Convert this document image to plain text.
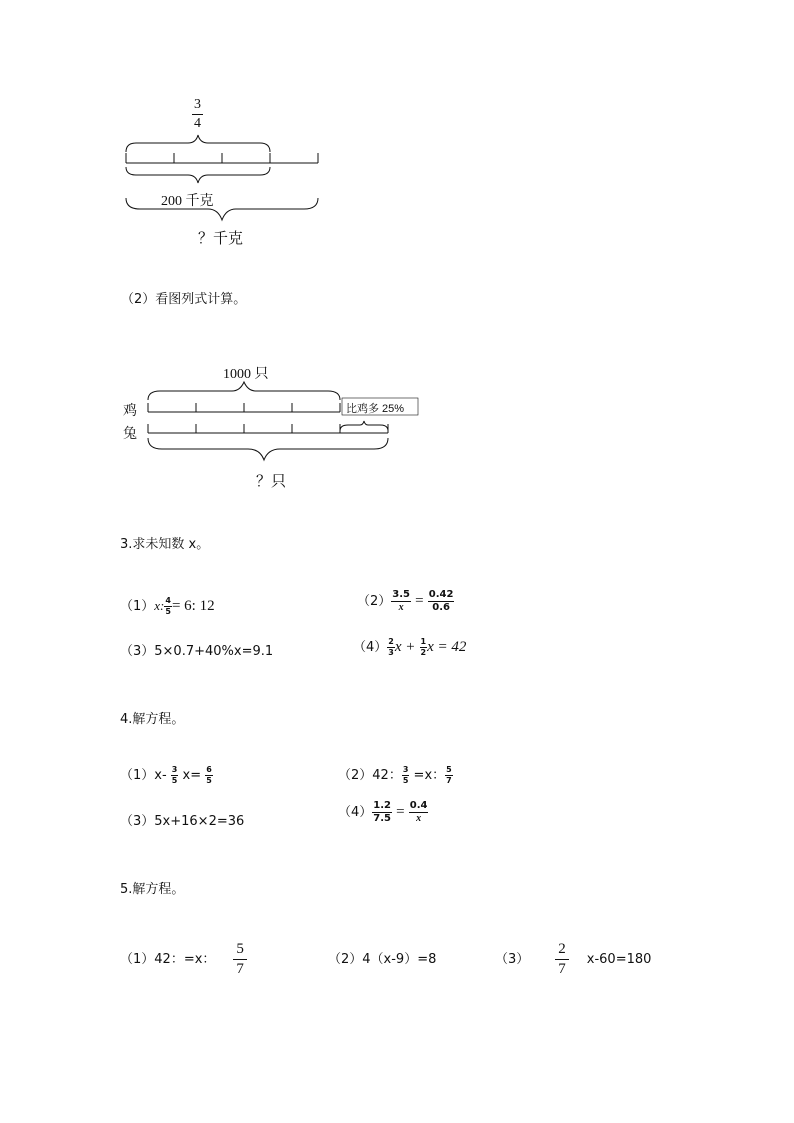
$\frac{3}{4}$
200 千克
？千克
（2）看图列式计算。
1000 只
鸡
兔
比鸡多 25%
？只
3.求未知数 x。
（1）x: $\frac{4}{5} = 6$: 12	$(2) \frac{3.5}{x} = \frac{0.42}{0.6}$
（3）5×0.7+40%x=9.1	$(4) \frac{2}{3}$ $x + \frac{1}{2}$ x = 42
4.解方程。
$(1)x- \frac{3}{5} x= \frac{6}{5}$	（2）42： $\frac{3}{5} =x$： $\frac{5}{7}$
（3）5x+16×2=36
$(4) \frac{1.2}{7.5} = \frac{0.4}{x}$
5.解方程。
（1）42：=x： $\frac{5}{7}$	（2）4（x-9）=8	$(3) \frac{2}{7} x-60=180$
